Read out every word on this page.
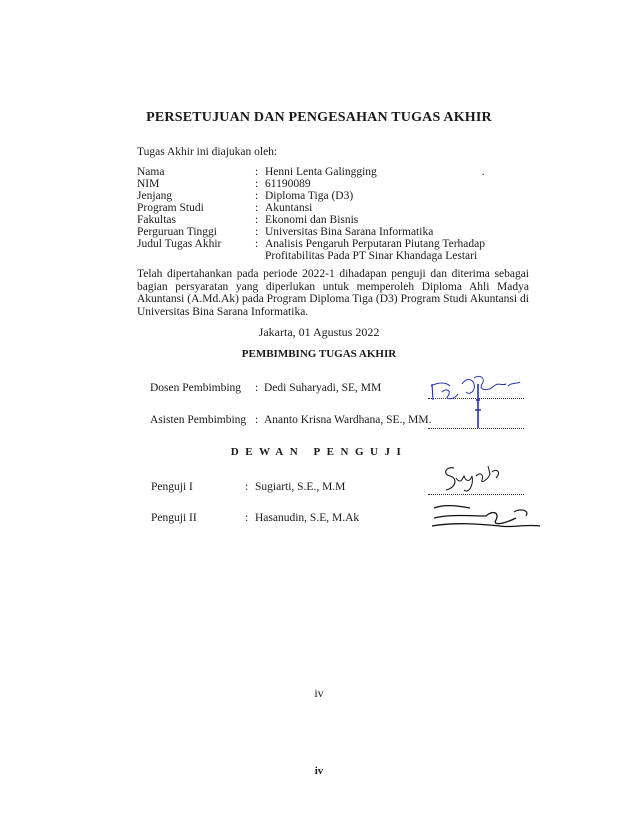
PERSETUJUAN DAN PENGESAHAN TUGAS AKHIR
Tugas Akhir ini diajukan oleh:
Nama	: Henni Lenta Galingging	.
NIM	: 61190089
Jenjang	: Diploma Tiga (D3)
Program Studi	: Akuntansi
Fakultas	: Ekonomi dan Bisnis
Perguruan Tinggi	: Universitas Bina Sarana Informatika
Judul Tugas Akhir	: Analisis Pengaruh Perputaran Piutang Terhadap
Profitabilitas Pada PT Sinar Khandaga Lestari
Telah dipertahankan pada periode 2022-1 dihadapan penguji dan diterima sebagai bagian persyaratan yang diperlukan untuk memperoleh Diploma Ahli Madya Akuntansi (A.Md.Ak) pada Program Diploma Tiga (D3) Program Studi Akuntansi di Universitas Bina Sarana Informatika.
Jakarta, 01 Agustus 2022
PEMBIMBING TUGAS AKHIR
Dosen Pembimbing	: Dedi Suharyadi, SE, MM
Asisten Pembimbing : Ananto Krisna Wardhana, SE., MM.
DEWAN PENGUJI
Penguji I	: Sugiarti, S.E., M.M
Penguji II	: Hasanudin, S.E, M.Ak
iv
iv
